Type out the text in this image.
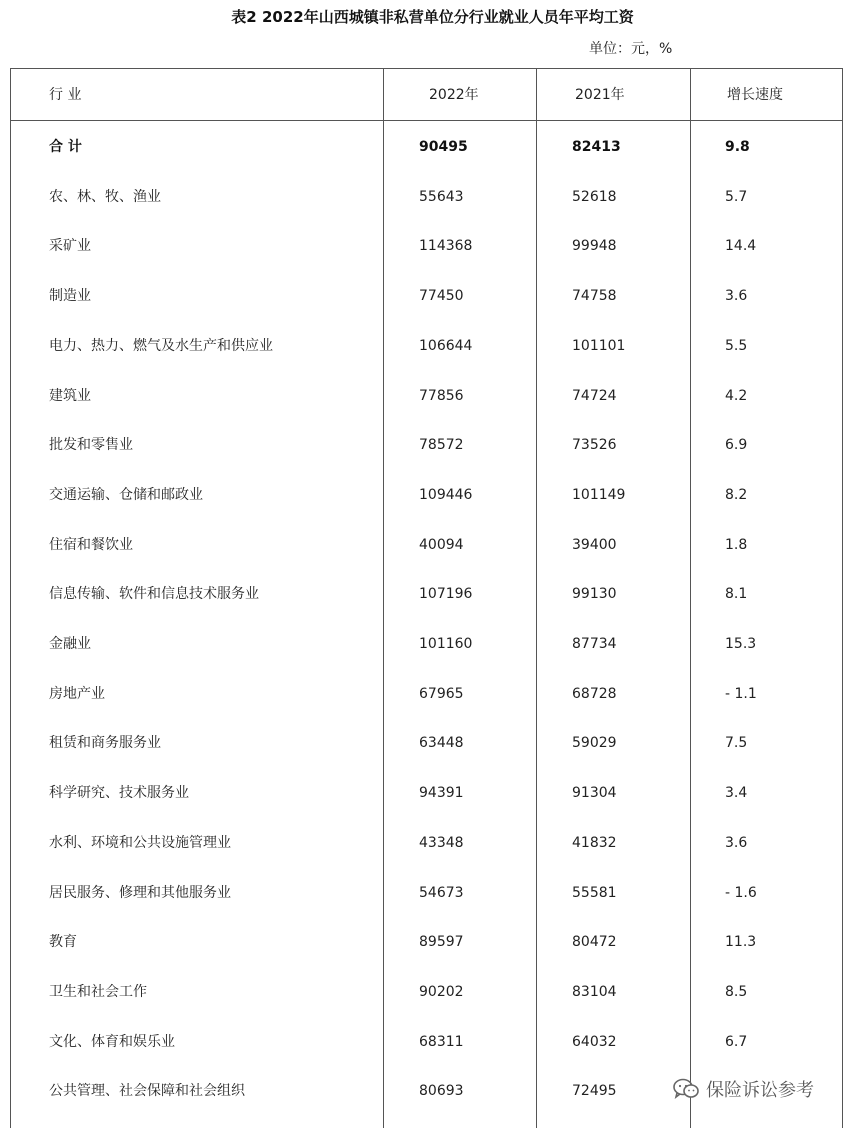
表2 2022年山西城镇非私营单位分行业就业人员年平均工资
单位：元，%
行 业	2022年	2021年	增长速度
合 计	90495	82413	9.8
农、林、牧、渔业	55643	52618	5.7
采矿业	114368	99948	14.4
制造业	77450	74758	3.6
电力、热力、燃气及水生产和供应业	106644	101101	5.5
建筑业	77856	74724	4.2
批发和零售业	78572	73526	6.9
交通运输、仓储和邮政业	109446	101149	8.2
住宿和餐饮业	40094	39400	1.8
信息传输、软件和信息技术服务业	107196	99130	8.1
金融业	101160	87734	15.3
房地产业	67965	68728	- 1.1
租赁和商务服务业	63448	59029	7.5
科学研究、技术服务业	94391	91304	3.4
水利、环境和公共设施管理业	43348	41832	3.6
居民服务、修理和其他服务业	54673	55581	- 1.6
教育	89597	80472	11.3
卫生和社会工作	90202	83104	8.5
文化、体育和娱乐业	68311	64032	6.7
公共管理、社会保障和社会组织	80693	72495	保险诉讼参考
